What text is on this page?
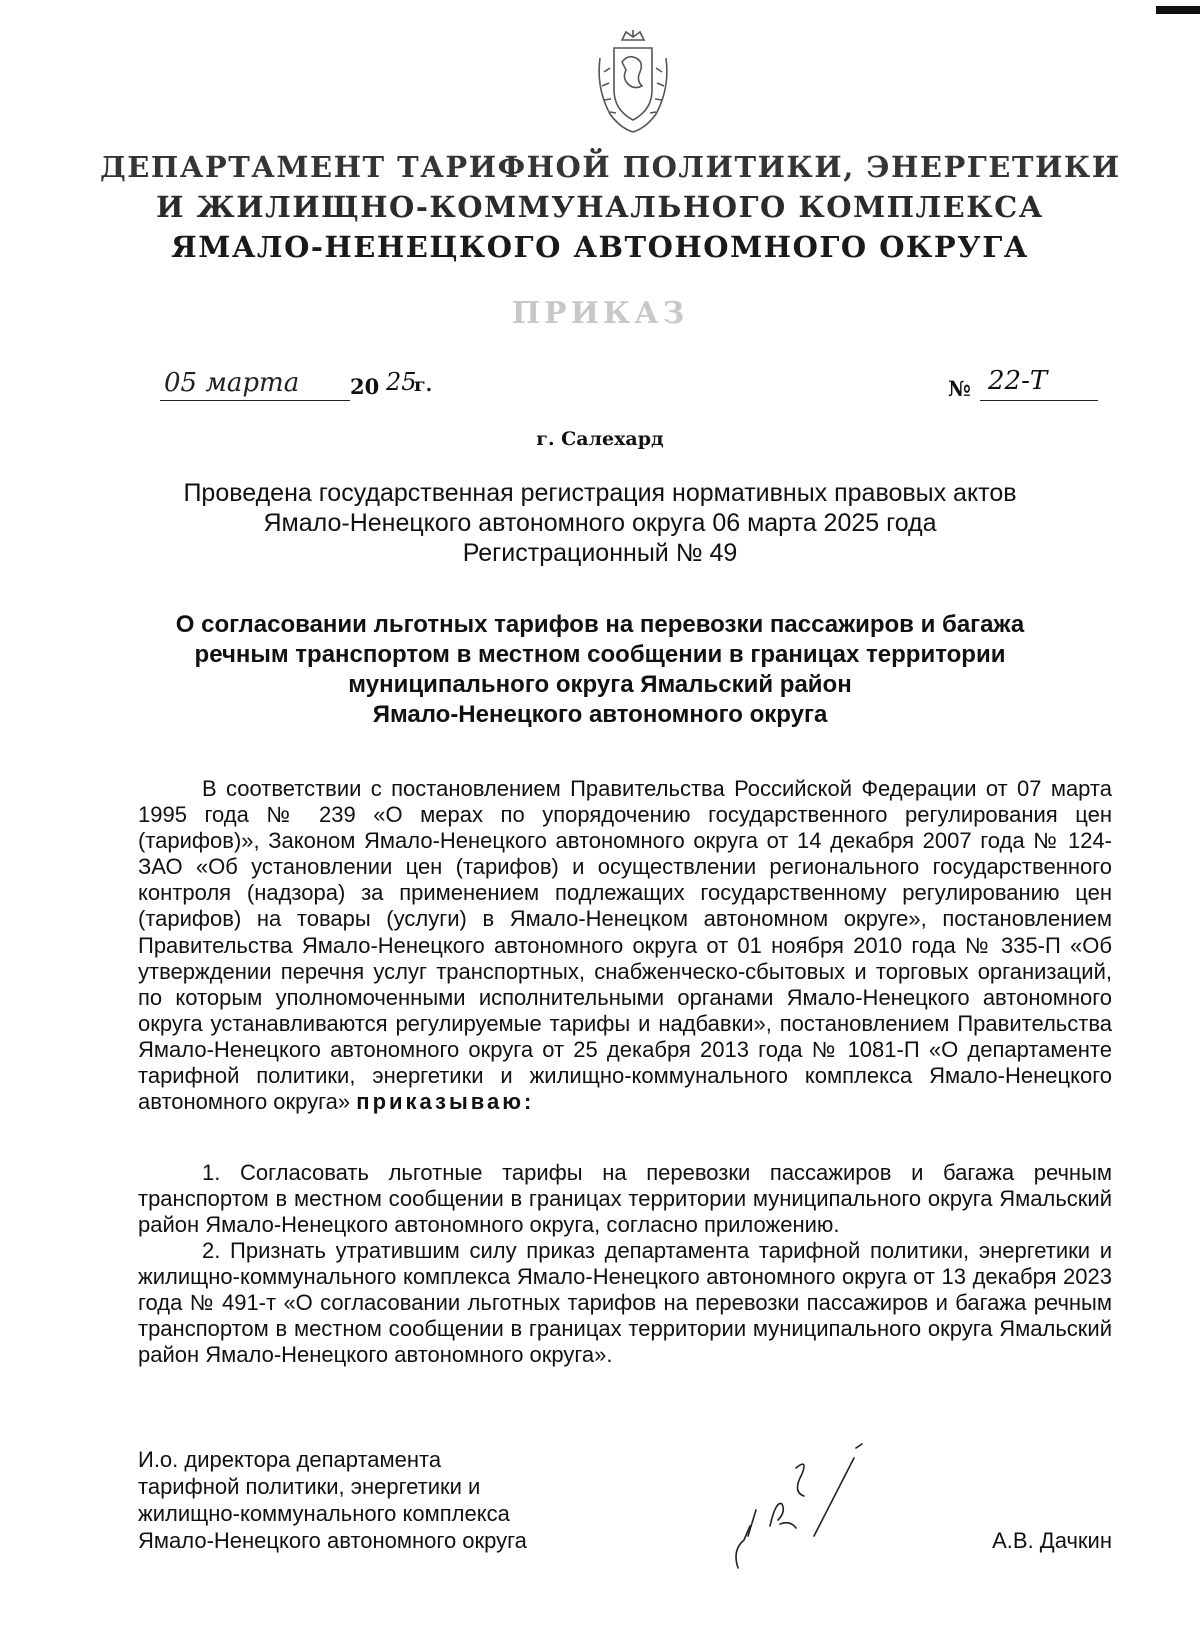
ДЕПАРТАМЕНТ ТАРИФНОЙ ПОЛИТИКИ, ЭНЕРГЕТИКИ
И ЖИЛИЩНО-КОММУНАЛЬНОГО КОМПЛЕКСА
ЯМАЛО-НЕНЕЦКОГО АВТОНОМНОГО ОКРУГА
ПРИКАЗ
05 марта 20 25
г.	№ 22-Т
г. Салехард
Проведена государственная регистрация нормативных правовых актов
Ямало-Ненецкого автономного округа 06 марта 2025 года
Регистрационный № 49
О согласовании льготных тарифов на перевозки пассажиров и багажа
речным транспортом в местном сообщении в границах территории
муниципального округа Ямальский район
Ямало-Ненецкого автономного округа
В соответствии с постановлением Правительства Российской Федерации от 07 марта 1995 года № 239 «О мерах по упорядочению государственного регулирования цен (тарифов)», Законом Ямало-Ненецкого автономного округа от 14 декабря 2007 года № 124-ЗАО «Об установлении цен (тарифов) и осуществлении регионального государственного контроля (надзора) за применением подлежащих государственному регулированию цен (тарифов) на товары (услуги) в Ямало-Ненецком автономном округе», постановлением Правительства Ямало-Ненецкого автономного округа от 01 ноября 2010 года № 335-П «Об утверждении перечня услуг транспортных, снабженческо-сбытовых и торговых организаций, по которым уполномоченными исполнительными органами Ямало-Ненецкого автономного округа устанавливаются регулируемые тарифы и надбавки», постановлением Правительства Ямало-Ненецкого автономного округа от 25 декабря 2013 года № 1081-П «О департаменте тарифной политики, энергетики и жилищно-коммунального комплекса Ямало-Ненецкого автономного округа» приказываю:
1. Согласовать льготные тарифы на перевозки пассажиров и багажа речным транспортом в местном сообщении в границах территории муниципального округа Ямальский район Ямало-Ненецкого автономного округа, согласно приложению.
2. Признать утратившим силу приказ департамента тарифной политики, энергетики и жилищно-коммунального комплекса Ямало-Ненецкого автономного округа от 13 декабря 2023 года № 491-т «О согласовании льготных тарифов на перевозки пассажиров и багажа речным транспортом в местном сообщении в границах территории муниципального округа Ямальский район Ямало-Ненецкого автономного округа».
И.о. директора департамента
тарифной политики, энергетики и
жилищно-коммунального комплекса
Ямало-Ненецкого автономного округа	А.В. Дачкин
